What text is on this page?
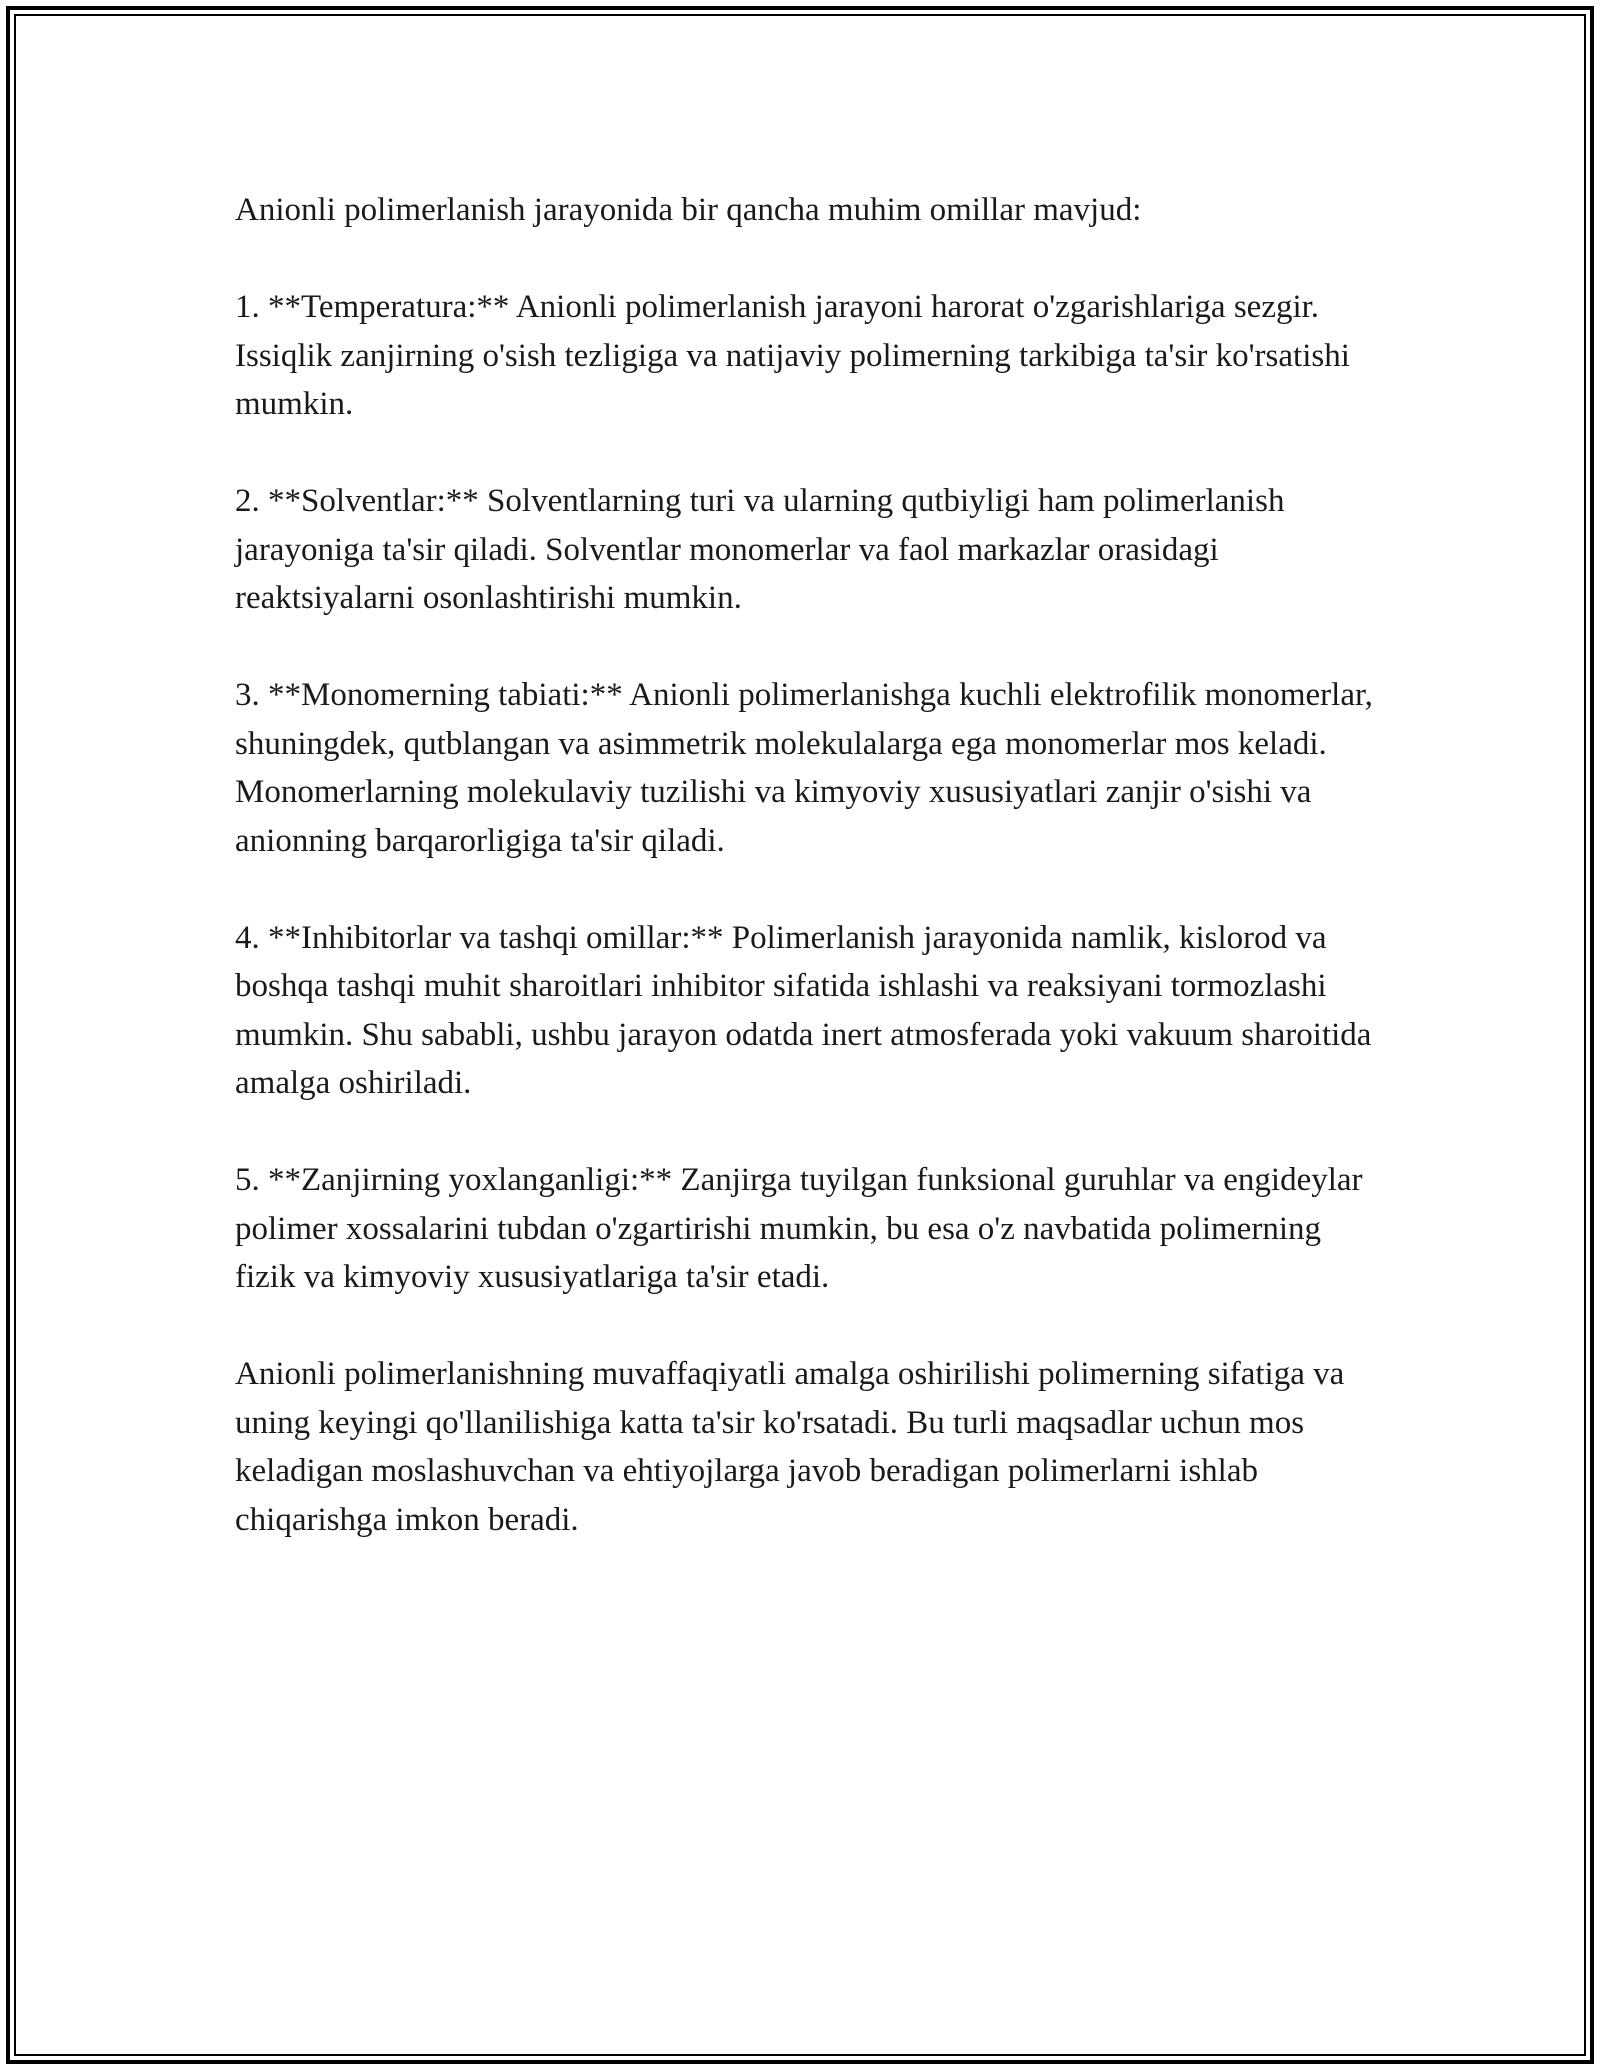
Anionli polimerlanish jarayonida bir qancha muhim omillar mavjud:

1. **Temperatura:** Anionli polimerlanish jarayoni harorat o'zgarishlariga sezgir. Issiqlik zanjirning o'sish tezligiga va natijaviy polimerning tarkibiga ta'sir ko'rsatishi mumkin.

2. **Solventlar:** Solventlarning turi va ularning qutbiyligi ham polimerlanish jarayoniga ta'sir qiladi. Solventlar monomerlar va faol markazlar orasidagi reaktsiyalarni osonlashtirishi mumkin.

3. **Monomerning tabiati:** Anionli polimerlanishga kuchli elektrofilik monomerlar, shuningdek, qutblangan va asimmetrik molekulalarga ega monomerlar mos keladi. Monomerlarning molekulaviy tuzilishi va kimyoviy xususiyatlari zanjir o'sishi va anionning barqarorligiga ta'sir qiladi.

4. **Inhibitorlar va tashqi omillar:** Polimerlanish jarayonida namlik, kislorod va boshqa tashqi muhit sharoitlari inhibitor sifatida ishlashi va reaksiyani tormozlashi mumkin. Shu sababli, ushbu jarayon odatda inert atmosferada yoki vakuum sharoitida amalga oshiriladi.

5. **Zanjirning yoxlanganligi:** Zanjirga tuyilgan funksional guruhlar va engideylar polimer xossalarini tubdan o'zgartirishi mumkin, bu esa o'z navbatida polimerning fizik va kimyoviy xususiyatlariga ta'sir etadi.

Anionli polimerlanishning muvaffaqiyatli amalga oshirilishi polimerning sifatiga va uning keyingi qo'llanilishiga katta ta'sir ko'rsatadi. Bu turli maqsadlar uchun mos keladigan moslashuvchan va ehtiyojlarga javob beradigan polimerlarni ishlab chiqarishga imkon beradi.
